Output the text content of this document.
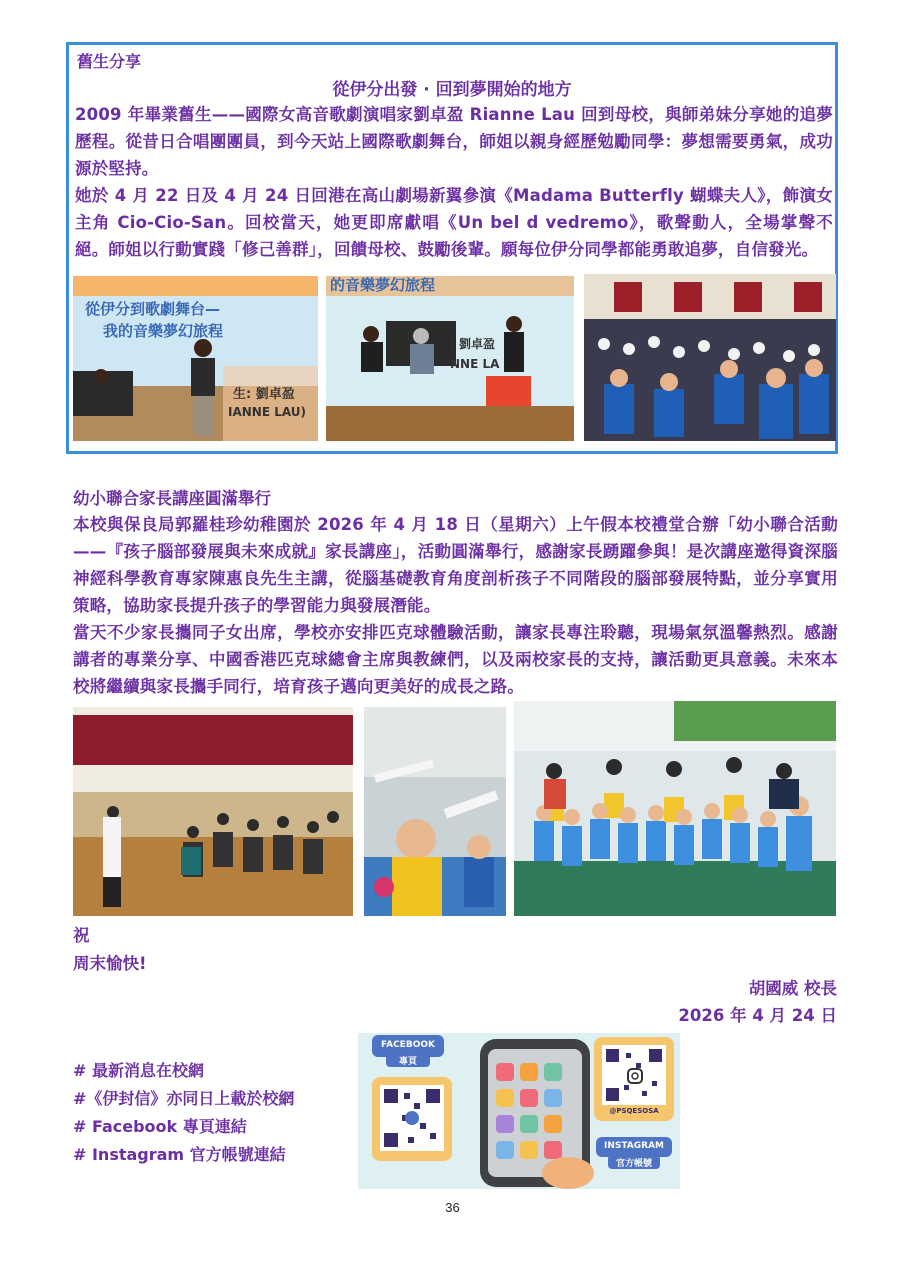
舊生分享
從伊分出發 · 回到夢開始的地方
2009 年畢業舊生——國際女高音歌劇演唱家劉卓盈 Rianne Lau 回到母校，與師弟妹分享她的追夢歷程。從昔日合唱團團員，到今天站上國際歌劇舞台，師姐以親身經歷勉勵同學：夢想需要勇氣，成功源於堅持。
她於 4 月 22 日及 4 月 24 日回港在高山劇場新翼參演《Madama Butterfly 蝴蝶夫人》，飾演女主角 Cio-Cio-San。回校當天，她更即席獻唱《Un bel d vedremo》，歌聲動人，全場掌聲不絕。師姐以行動實踐「修己善群」，回饋母校、鼓勵後輩。願每位伊分同學都能勇敢追夢，自信發光。
從伊分到歌劇舞台—
我的音樂夢幻旅程
生: 劉卓盈
IANNE LAU)
的音樂夢幻旅程
: 劉卓盈
NNE LA
幼小聯合家長講座圓滿舉行
本校與保良局郭羅桂珍幼稚園於 2026 年 4 月 18 日（星期六）上午假本校禮堂合辦「幼小聯合活動——『孩子腦部發展與未來成就』家長講座」，活動圓滿舉行，感謝家長踴躍參與！是次講座邀得資深腦神經科學教育專家陳惠良先生主講，從腦基礎教育角度剖析孩子不同階段的腦部發展特點，並分享實用策略，協助家長提升孩子的學習能力與發展潛能。
當天不少家長攜同子女出席，學校亦安排匹克球體驗活動，讓家長專注聆聽，現場氣氛溫馨熱烈。感謝講者的專業分享、中國香港匹克球總會主席與教練們，以及兩校家長的支持，讓活動更具意義。未來本校將繼續與家長攜手同行，培育孩子邁向更美好的成長之路。
祝
周末愉快!
胡國威 校長
2026 年 4 月 24 日
# 最新消息在校網
#《伊封信》亦同日上載於校網
# Facebook 專頁連結
# Instagram 官方帳號連結
FACEBOOK
專頁
INSTAGRAM
官方帳號
@PSQESOSA
36
